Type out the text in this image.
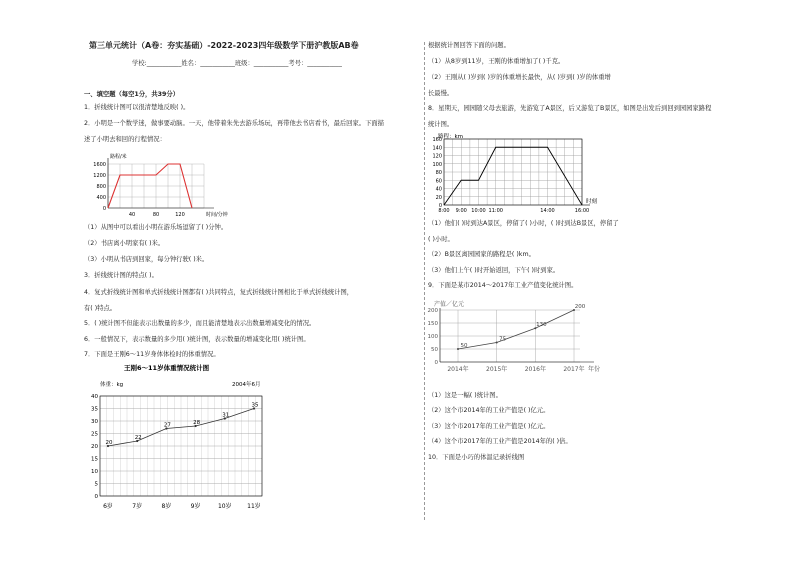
第三单元统计（A卷：夯实基础）-2022-2023四年级数学下册沪教版AB卷
学校:___________姓名：___________班级：___________考号：___________
一、填空题（每空1分，共39分）
1．折线统计图可以很清楚地反映( )。
2．小明是一个数学迷，做事要动脑。一天，他带着朱先去游乐场玩，再带他去书店看书，最后回家。下面描
述了小明去和回的行程情况：
0
400
800
1200
1600
40	80	120
路程/米
时间/分钟
（1）从图中可以看出小明在游乐场逗留了( )分钟。
（2）书店离小明家有( )米。
（3）小明从书店到回家，每分钟行驶( )米。
3．折线统计图的特点( )。
4．复式折线统计图和单式折线统计图都有( )共同特点，复式折线统计图相比于单式折线统计图，
有( )特点。
5．( )统计图不但能表示出数量的多少，而且能清楚地表示出数量增减变化的情况。
6．一般情况下，表示数量的多少用( )统计图，表示数量的增减变化用( )统计图。
7．下面是王刚6～11岁身体体检时的体重情况。
王刚6～11岁体重情况统计图
体重：kg	2004年6月
0
5
10
15
20
25
30
35
40
6岁	7岁	8岁	9岁	10岁	11岁
20
22
27	28
31
35
根据统计图回答下面的问题。
（1）从8岁到11岁，王刚的体重增加了( )千克。
（2）王刚从( )岁到( )岁的体重增长最快，从( )岁到( )岁的体重增
长最慢。
8．星期天，园园随父母去旅游，先游览了A景区，后又游览了B景区，如图是出发后到回到园园家路程
统计图。
0
20
40
60
80
100
120
140
160
路程：km
时刻
8:00 9:00 10:00 11:00	14:00	16:00
（1）他们( )时到达A景区，停留了( )小时，( )时到达B景区，停留了
( )小时。
（2）B景区离园园家的路程是( )km。
（3）他们上午( )时开始返回，下午( )时到家。
9．下面是某市2014～2017年工业产值变化统计图。
产值／亿元
0
50
100
150
200
2014年	2015年	2016年	2017年 年份
50
75
130
200
（1）这是一幅( )统计图。
（2）这个市2014年的工业产值是( )亿元。
（3）这个市2017年的工业产值是( )亿元。
（4）这个市2017年的工业产值是2014年的( )倍。
10．下面是小巧的体温记录折线图
